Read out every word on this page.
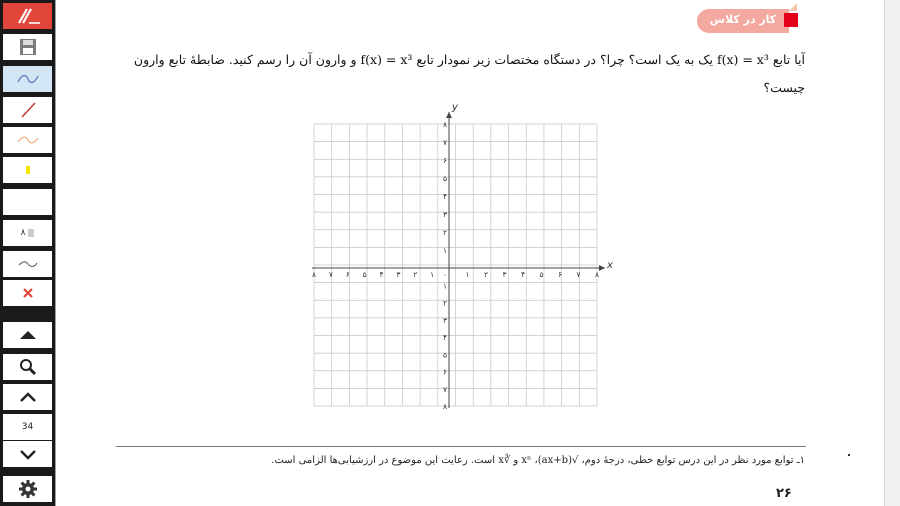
۸
34
کار در کلاس
آیا تابع f(x) = x³ یک به یک است؟ چرا؟ در دستگاه مختصات زیر نمودار تابع f(x) = x³ و وارون آن را رسم کنید. ضابطهٔ تابع وارون
چیست؟
۸ ۷ ۶ ۵ ۴ ۳ ۲ ۱	۱ ۲ ۳ ۴ ۵ ۶ ۷ ۸
۱
۲
۳
۴
۵
۶
۷
۸
۱
۲
۳
۴
۵
۶
۷
۸
۰
x
y
۱ـ توابع مورد نظر در این درس توابع خطی، درجهٔ دوم، √(ax+b)، xⁿ و ∛x است. رعایت این موضوع در ارزشیابی‌ها الزامی است.
۲۶
